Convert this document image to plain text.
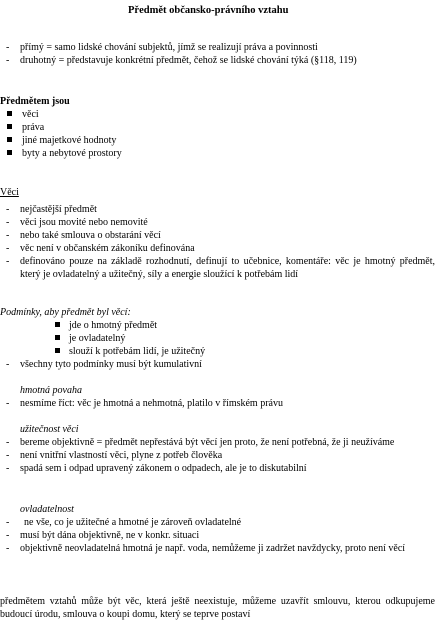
Předmět občansko-právního vztahu
- přímý = samo lidské chování subjektů, jímž se realizují práva a povinnosti
- druhotný = představuje konkrétní předmět, čehož se lidské chování týká (§118, 119)
Předmětem jsou
věci
práva
jiné majetkové hodnoty
byty a nebytové prostory
Věci
- nejčastější předmět
- věci jsou movité nebo nemovité
- nebo také smlouva o obstarání věcí
- věc není v občanském zákoníku definována
- definováno pouze na základě rozhodnutí, definují to učebnice, komentáře: věc je hmotný předmět, který je ovladatelný a užitečný, síly a energie sloužící k potřebám lidí
Podmínky, aby předmět byl věcí:
jde o hmotný předmět
je ovladatelný
slouží k potřebám lidí, je užitečný
- všechny tyto podmínky musí být kumulativní
hmotná povaha
- nesmíme říct: věc je hmotná a nehmotná, platilo v římském právu
užitečnost věci
- bereme objektivně = předmět nepřestává být věcí jen proto, že není potřebná, že ji neužíváme
- není vnitřní vlastností věci, plyne z potřeb člověka
- spadá sem i odpad upravený zákonem o odpadech, ale je to diskutabilní
ovladatelnost
- ne vše, co je užitečné a hmotné je zároveň ovladatelné
- musí být dána objektivně, ne v konkr. situaci
- objektivně neovladatelná hmotná je např. voda, nemůžeme ji zadržet navždycky, proto není věcí
předmětem vztahů může být věc, která ještě neexistuje, můžeme uzavřít smlouvu, kterou odkupujeme budoucí úrodu, smlouva o koupi domu, který se teprve postaví
